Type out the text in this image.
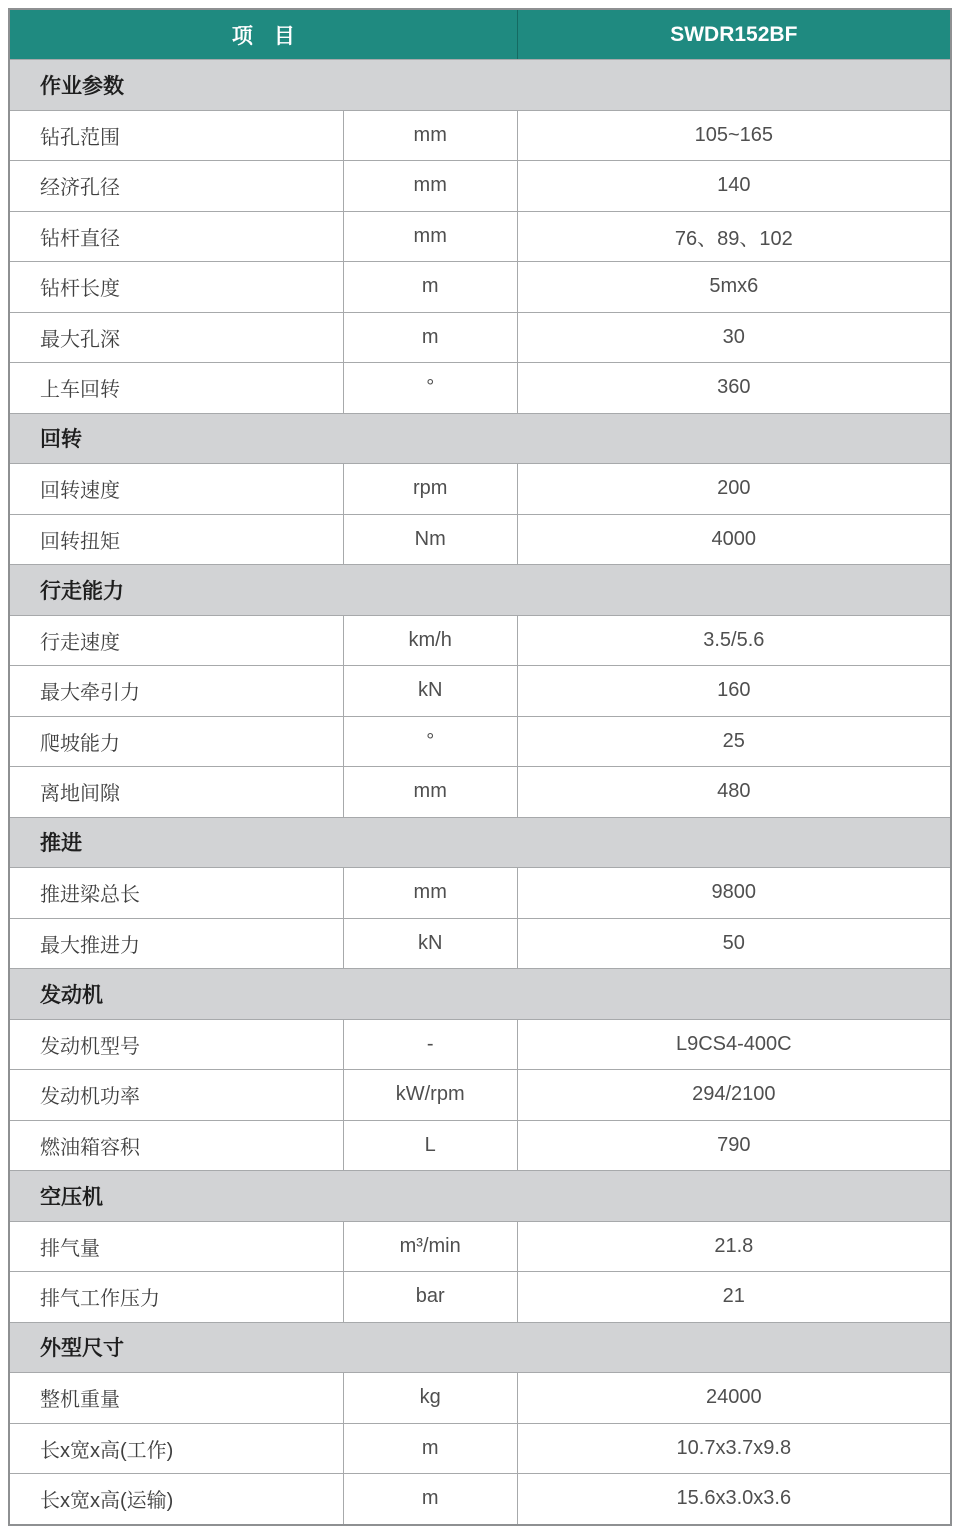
项　目	SWDR152BF
作业参数
钻孔范围	mm	105~165
经济孔径	mm	140
钻杆直径	mm	76、89、102
钻杆长度	m	5mx6
最大孔深	m	30
上车回转	°	360
回转
回转速度	rpm	200
回转扭矩	Nm	4000
行走能力
行走速度	km/h	3.5/5.6
最大牵引力	kN	160
爬坡能力	°	25
离地间隙	mm	480
推进
推进梁总长	mm	9800
最大推进力	kN	50
发动机
发动机型号	-	L9CS4-400C
发动机功率	kW/rpm	294/2100
燃油箱容积	L	790
空压机
排气量	m³/min	21.8
排气工作压力	bar	21
外型尺寸
整机重量	kg	24000
长x宽x高(工作)	m	10.7x3.7x9.8
长x宽x高(运输)	m	15.6x3.0x3.6
